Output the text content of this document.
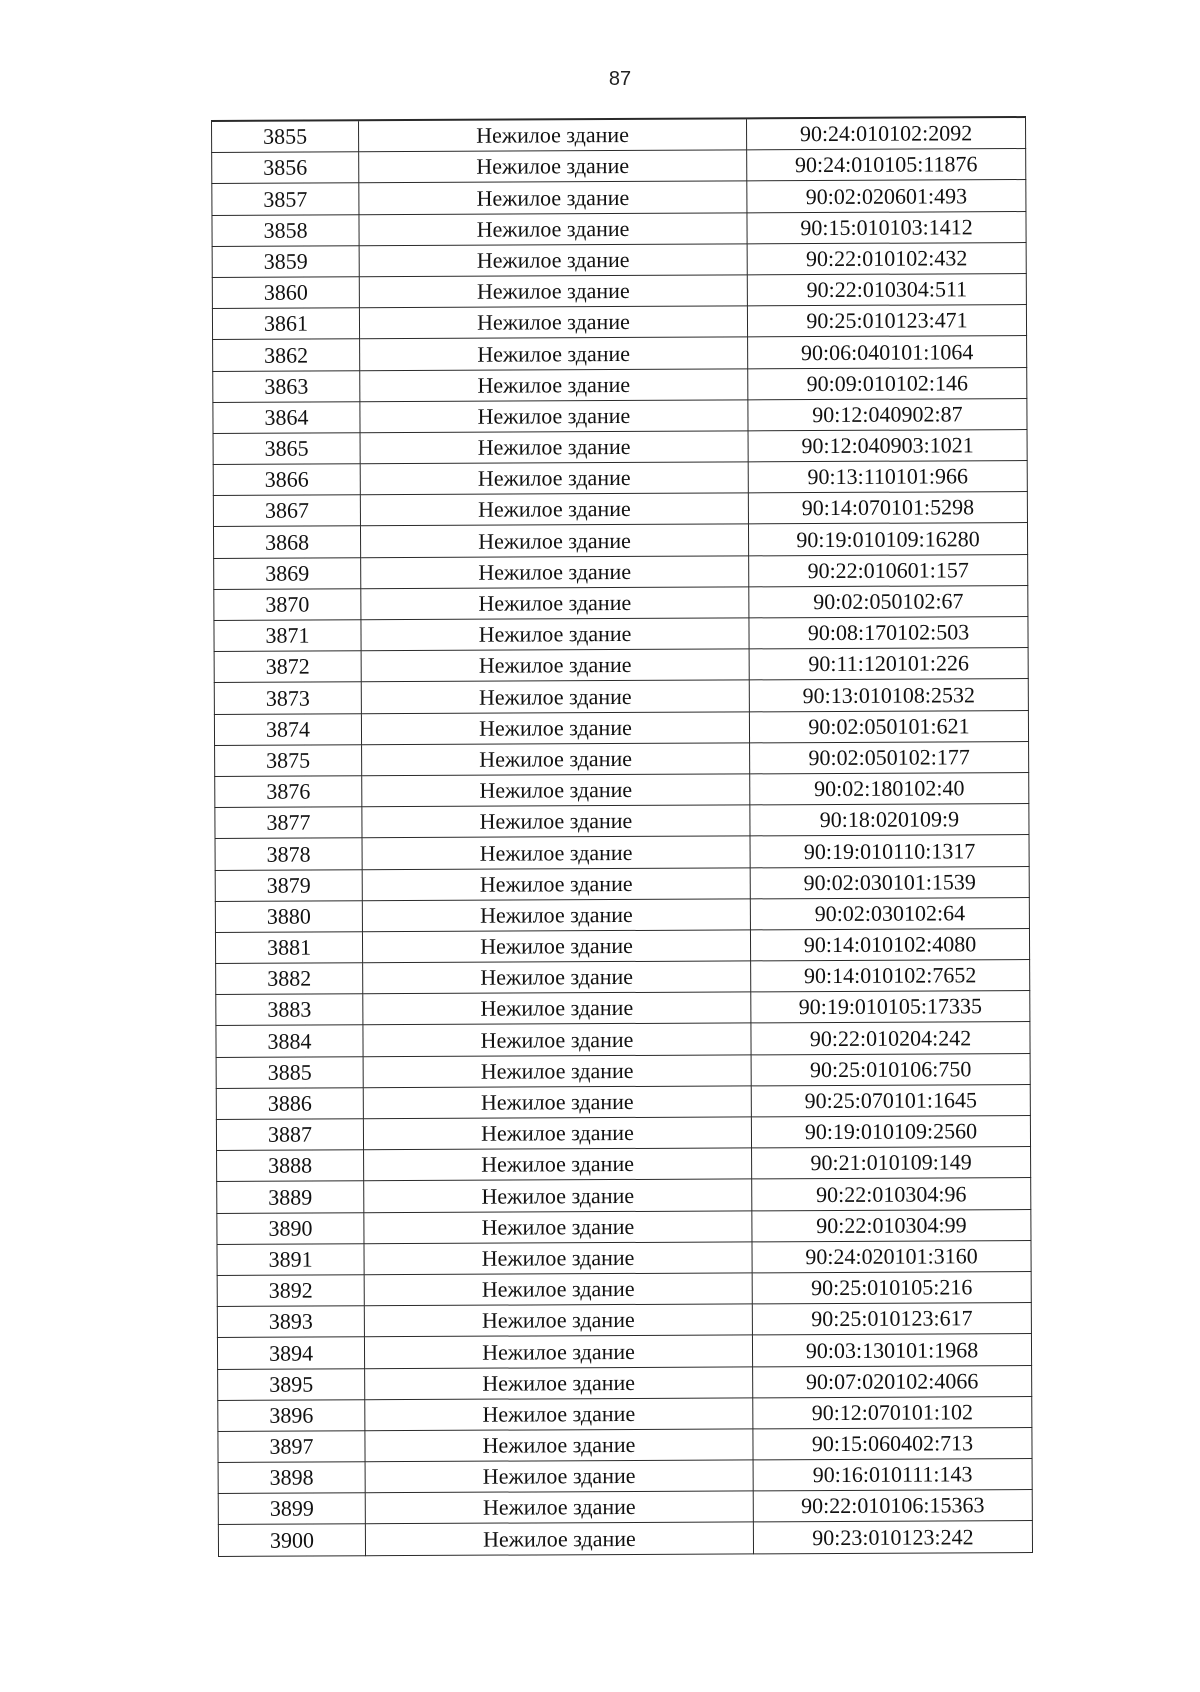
87
3855	Нежилое здание	90:24:010102:2092
3856	Нежилое здание	90:24:010105:11876
3857	Нежилое здание	90:02:020601:493
3858	Нежилое здание	90:15:010103:1412
3859	Нежилое здание	90:22:010102:432
3860	Нежилое здание	90:22:010304:511
3861	Нежилое здание	90:25:010123:471
3862	Нежилое здание	90:06:040101:1064
3863	Нежилое здание	90:09:010102:146
3864	Нежилое здание	90:12:040902:87
3865	Нежилое здание	90:12:040903:1021
3866	Нежилое здание	90:13:110101:966
3867	Нежилое здание	90:14:070101:5298
3868	Нежилое здание	90:19:010109:16280
3869	Нежилое здание	90:22:010601:157
3870	Нежилое здание	90:02:050102:67
3871	Нежилое здание	90:08:170102:503
3872	Нежилое здание	90:11:120101:226
3873	Нежилое здание	90:13:010108:2532
3874	Нежилое здание	90:02:050101:621
3875	Нежилое здание	90:02:050102:177
3876	Нежилое здание	90:02:180102:40
3877	Нежилое здание	90:18:020109:9
3878	Нежилое здание	90:19:010110:1317
3879	Нежилое здание	90:02:030101:1539
3880	Нежилое здание	90:02:030102:64
3881	Нежилое здание	90:14:010102:4080
3882	Нежилое здание	90:14:010102:7652
3883	Нежилое здание	90:19:010105:17335
3884	Нежилое здание	90:22:010204:242
3885	Нежилое здание	90:25:010106:750
3886	Нежилое здание	90:25:070101:1645
3887	Нежилое здание	90:19:010109:2560
3888	Нежилое здание	90:21:010109:149
3889	Нежилое здание	90:22:010304:96
3890	Нежилое здание	90:22:010304:99
3891	Нежилое здание	90:24:020101:3160
3892	Нежилое здание	90:25:010105:216
3893	Нежилое здание	90:25:010123:617
3894	Нежилое здание	90:03:130101:1968
3895	Нежилое здание	90:07:020102:4066
3896	Нежилое здание	90:12:070101:102
3897	Нежилое здание	90:15:060402:713
3898	Нежилое здание	90:16:010111:143
3899	Нежилое здание	90:22:010106:15363
3900	Нежилое здание	90:23:010123:242
